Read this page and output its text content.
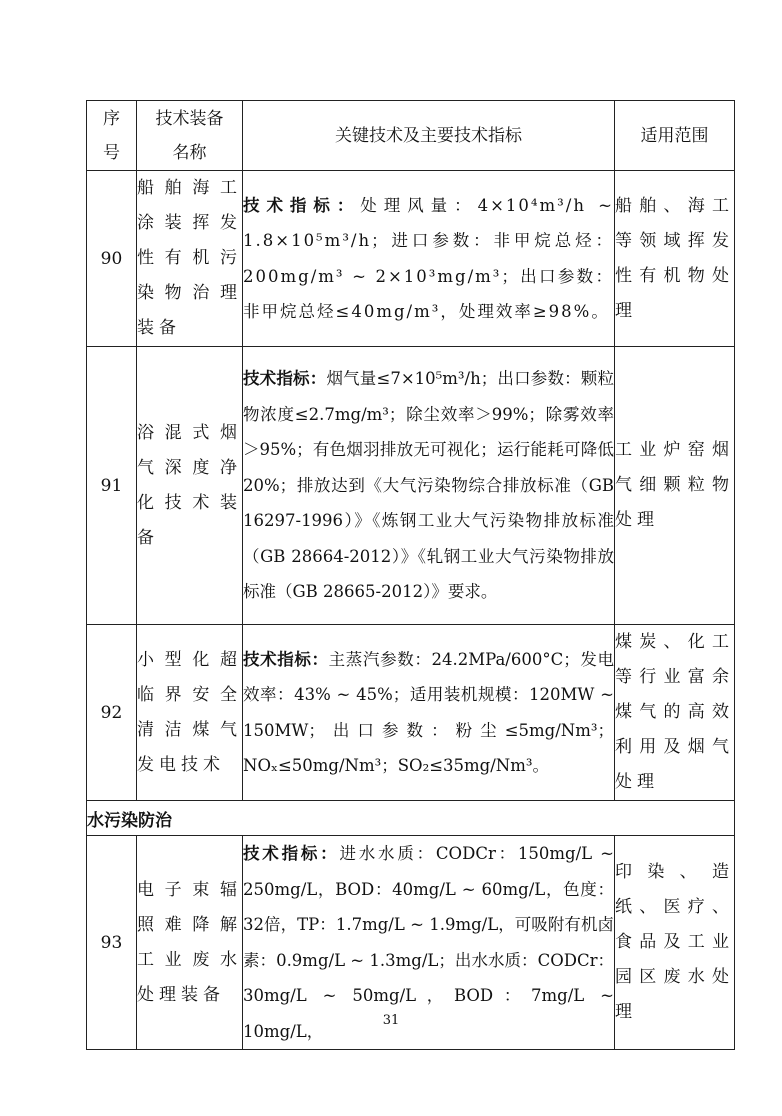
序号	技术装备名称	关键技术及主要技术指标	适用范围
90	船舶海工涂装挥发性有机污染物治理装备	技术指标：处理风量：4×10⁴m³/h ~ 1.8×10⁵m³/h；进口参数：非甲烷总烃：200mg/m³ ~ 2×10³mg/m³；出口参数：非甲烷总烃≤40mg/m³，处理效率≥98%。	船舶、海工等领域挥发性有机物处理
91	浴混式烟气深度净化技术装备	技术指标：烟气量≤7×10⁵m³/h；出口参数：颗粒物浓度≤2.7mg/m³；除尘效率＞99%；除雾效率＞95%；有色烟羽排放无可视化；运行能耗可降低20%；排放达到《大气污染物综合排放标准（GB 16297-1996）》《炼钢工业大气污染物排放标准（GB 28664-2012）》《轧钢工业大气污染物排放标准（GB 28665-2012）》要求。	工业炉窑烟气细颗粒物处理
92	小型化超临界安全清洁煤气发电技术	技术指标：主蒸汽参数：24.2MPa/600°C；发电效率：43% ~ 45%；适用装机规模：120MW ~ 150MW；出口参数：粉尘≤5mg/Nm³；NOₓ≤50mg/Nm³；SO₂≤35mg/Nm³。	煤炭、化工等行业富余煤气的高效利用及烟气处理
水污染防治			
93	电子束辐照难降解工业废水处理装备	技术指标：进水水质：CODCr：150mg/L ~ 250mg/L，BOD：40mg/L ~ 60mg/L，色度：32倍，TP：1.7mg/L ~ 1.9mg/L，可吸附有机卤素：0.9mg/L ~ 1.3mg/L；出水水质：CODCr：30mg/L ~ 50mg/L，BOD：7mg/L ~ 10mg/L，	印染、造纸、医疗、食品及工业园区废水处理
31
